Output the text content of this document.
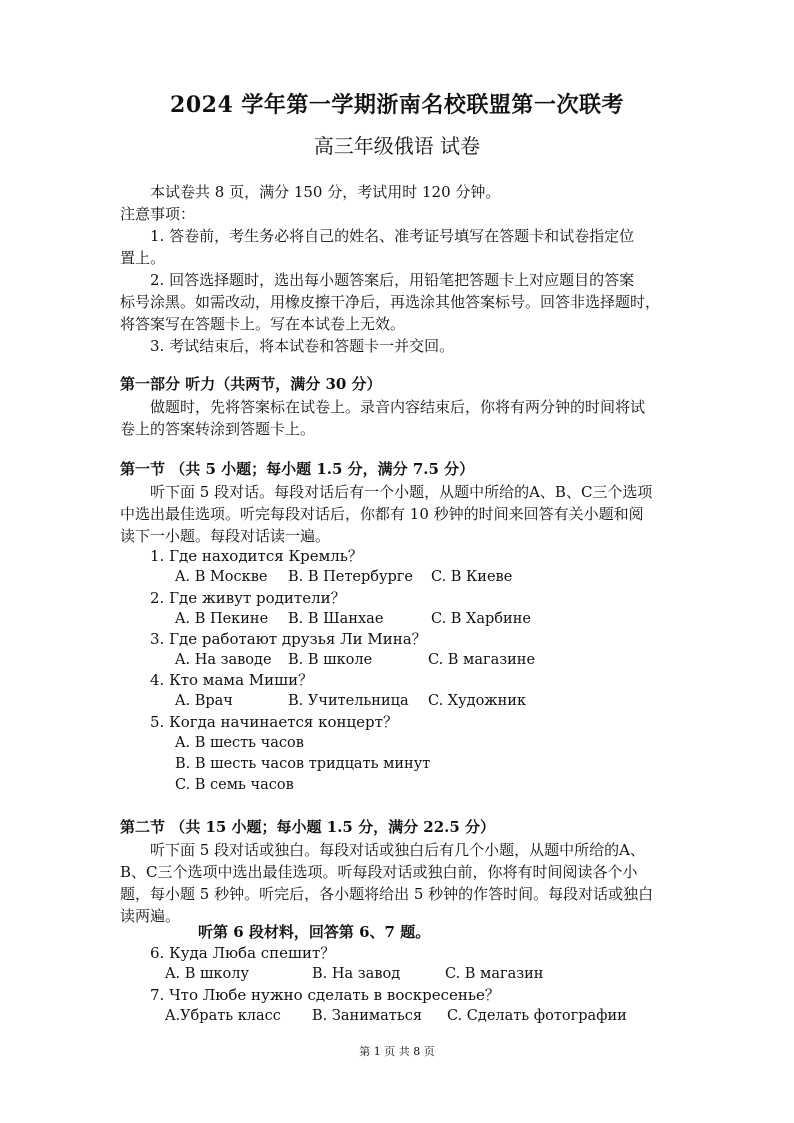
2024 学年第一学期浙南名校联盟第一次联考
高三年级俄语 试卷
本试卷共 8 页，满分 150 分，考试用时 120 分钟。
注意事项：
1. 答卷前，考生务必将自己的姓名、准考证号填写在答题卡和试卷指定位
置上。
2. 回答选择题时，选出每小题答案后，用铅笔把答题卡上对应题目的答案
标号涂黑。如需改动，用橡皮擦干净后，再选涂其他答案标号。回答非选择题时，
将答案写在答题卡上。写在本试卷上无效。
3. 考试结束后，将本试卷和答题卡一并交回。
第一部分 听力（共两节，满分 30 分）
做题时，先将答案标在试卷上。录音内容结束后，你将有两分钟的时间将试
卷上的答案转涂到答题卡上。
第一节 （共 5 小题；每小题 1.5 分，满分 7.5 分）
听下面 5 段对话。每段对话后有一个小题，从题中所给的A、B、C三个选项
中选出最佳选项。听完每段对话后，你都有 10 秒钟的时间来回答有关小题和阅
读下一小题。每段对话读一遍。
1. Где находится Кремль？
A. В Москве B. В Петербурге C. В Киеве
2. Где живут родители？
A. В Пекине B. В Шанхае	C. В Харбине
3. Где работают друзья Ли Мина？
A. На заводе B. В школе	C. В магазине
4. Кто мама Миши？
A. Врач	B. Учительница C. Художник
5. Когда начинается концерт？
A. В шесть часов
B. В шесть часов тридцать минут
C. В семь часов
第二节 （共 15 小题；每小题 1.5 分，满分 22.5 分）
听下面 5 段对话或独白。每段对话或独白后有几个小题，从题中所给的A、
B、C三个选项中选出最佳选项。听每段对话或独白前，你将有时间阅读各个小
题，每小题 5 秒钟。听完后，各小题将给出 5 秒钟的作答时间。每段对话或独白
读两遍。
听第 6 段材料，回答第 6、7 题。
6. Куда Люба спешит？
A. В школу	B. На завод	C. В магазин
7. Что Любе нужно сделать в воскресенье？
A.Убрать класс B. Заниматься C. Сделать фотографии
第 1 页 共 8 页
